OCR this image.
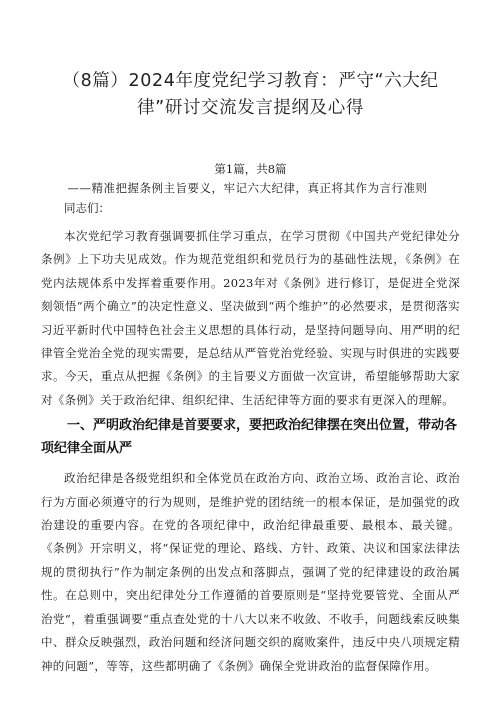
（8篇）2024年度党纪学习教育：严守“六大纪律”研讨交流发言提纲及心得
第1篇，共8篇
——精准把握条例主旨要义，牢记六大纪律，真正将其作为言行准则
同志们：

本次党纪学习教育强调要抓住学习重点，在学习贯彻《中国共产党纪律处分条例》上下功夫见成效。作为规范党组织和党员行为的基础性法规，《条例》在党内法规体系中发挥着重要作用。2023年对《条例》进行修订，是促进全党深刻领悟“两个确立”的决定性意义、坚决做到“两个维护”的必然要求，是贯彻落实习近平新时代中国特色社会主义思想的具体行动，是坚持问题导向、用严明的纪律管全党治全党的现实需要，是总结从严管党治党经验、实现与时俱进的实践要求。今天，重点从把握《条例》的主旨要义方面做一次宣讲，希望能够帮助大家对《条例》关于政治纪律、组织纪律、生活纪律等方面的要求有更深入的理解。

一、严明政治纪律是首要要求，要把政治纪律摆在突出位置，带动各项纪律全面从严

政治纪律是各级党组织和全体党员在政治方向、政治立场、政治言论、政治行为方面必须遵守的行为规则，是维护党的团结统一的根本保证，是加强党的政治建设的重要内容。在党的各项纪律中，政治纪律最重要、最根本、最关键。《条例》开宗明义，将“保证党的理论、路线、方针、政策、决议和国家法律法规的贯彻执行”作为制定条例的出发点和落脚点，强调了党的纪律建设的政治属性。在总则中，突出纪律处分工作遵循的首要原则是“坚持党要管党、全面从严治党“，着重强调要“重点查处党的十八大以来不收敛、不收手，问题线索反映集中、群众反映强烈，政治问题和经济问题交织的腐败案件，违反中央八项规定精神的问题”，等等，这些都明确了《条例》确保全党讲政治的监督保障作用。
